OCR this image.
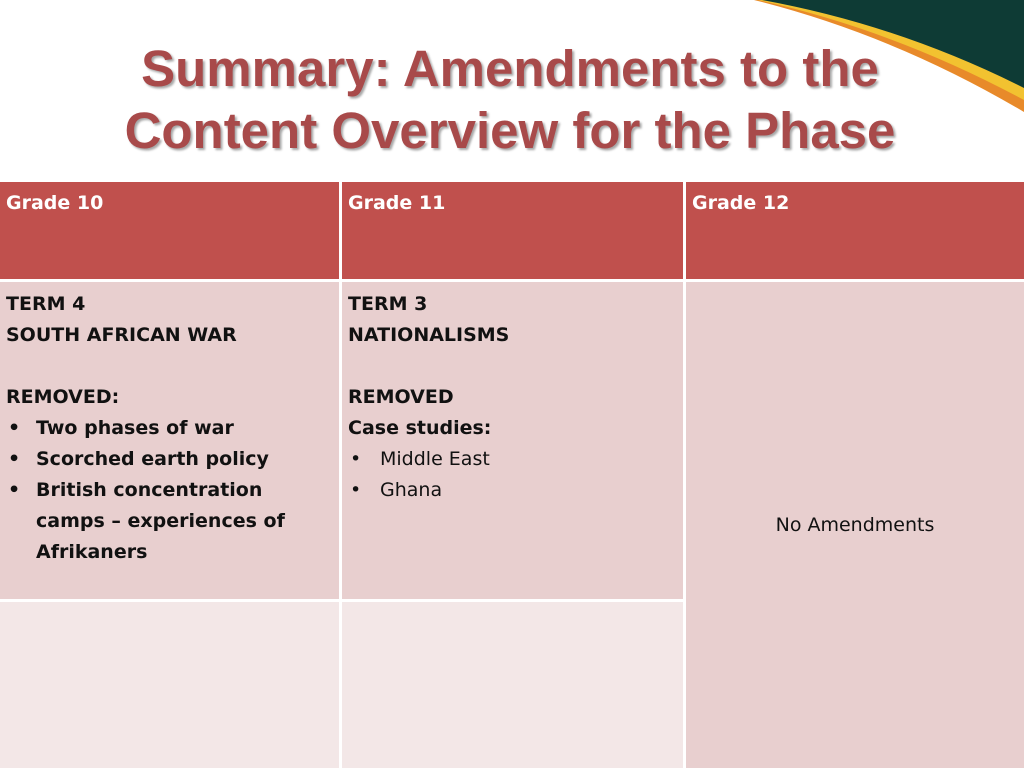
Summary: Amendments to the
Content Overview for the Phase
Grade 10	Grade 11	Grade 12
TERM 4
SOUTH AFRICAN WAR
REMOVED:
• Two phases of war
• Scorched earth policy
• British concentration camps – experiences of Afrikaners
TERM 3
NATIONALISMS
REMOVED
Case studies:
• Middle East
• Ghana
No Amendments
